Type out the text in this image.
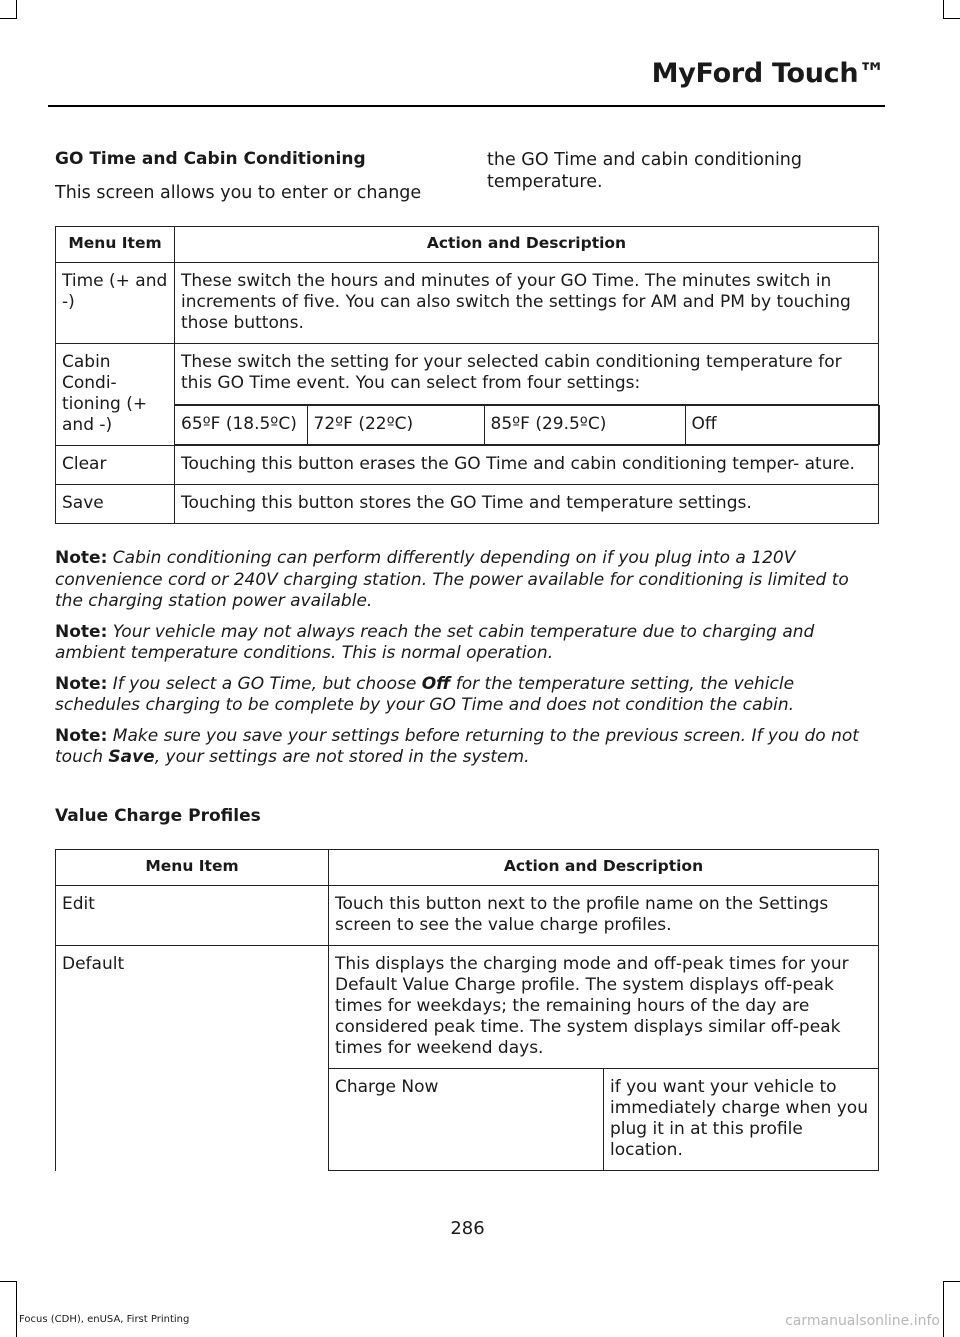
MyFord Touch™
GO Time and Cabin Conditioning
This screen allows you to enter or change
the GO Time and cabin conditioning temperature.
Menu Item	Action and Description
Time (+ and -)	These switch the hours and minutes of your GO Time. The minutes switch in increments of five. You can also switch the settings for AM and PM by touching those buttons.
Cabin Condi- tioning (+ and -)	These switch the setting for your selected cabin conditioning temperature for this GO Time event. You can select from four settings:

65ºF (18.5ºC)	72ºF (22ºC)	85ºF (29.5ºC)	Off

Clear	Touching this button erases the GO Time and cabin conditioning temper- ature.
Save	Touching this button stores the GO Time and temperature settings.

Note: Cabin conditioning can perform differently depending on if you plug into a 120V convenience cord or 240V charging station. The power available for conditioning is limited to the charging station power available.

Note: Your vehicle may not always reach the set cabin temperature due to charging and ambient temperature conditions. This is normal operation.

Note: If you select a GO Time, but choose Off for the temperature setting, the vehicle schedules charging to be complete by your GO Time and does not condition the cabin.

Note: Make sure you save your settings before returning to the previous screen. If you do not touch Save, your settings are not stored in the system.

Value Charge Profiles
Menu Item	Action and Description	
Edit	Touch this button next to the profile name on the Settings screen to see the value charge profiles.	
Default	This displays the charging mode and off-peak times for your Default Value Charge profile. The system displays off-peak times for weekdays; the remaining hours of the day are considered peak time. The system displays similar off-peak times for weekend days.	
	Charge Now	if you want your vehicle to immediately charge when you plug it in at this profile location.
286
Focus (CDH), enUSA, First Printing	carmanualsonline.info
